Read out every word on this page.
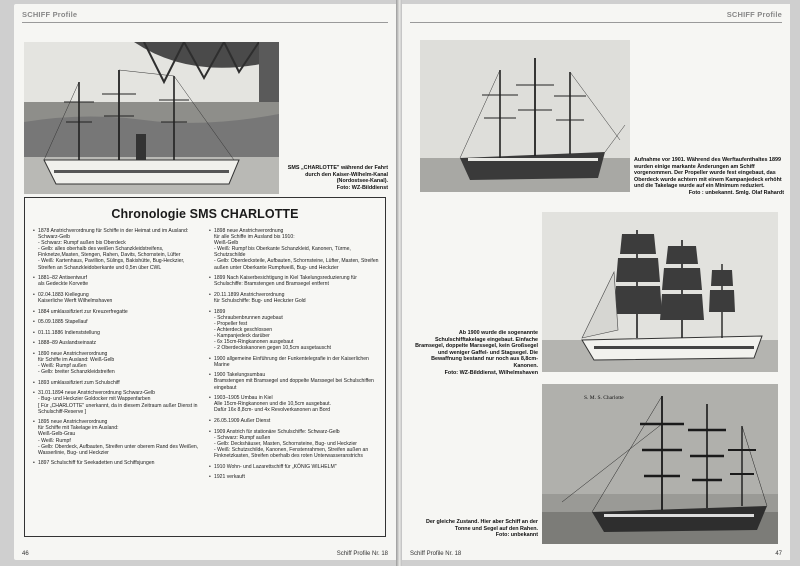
SCHIFF Profile
SMS „CHARLOTTE" während der Fahrt durch den Kaiser-Wilhelm-Kanal (Nordostsee-Kanal).
Foto: WZ-Bilddienst
Chronologie SMS CHARLOTTE
• 1878 Anstrichverordnung für Schiffe in der Heimat und im Ausland:
Schwarz-Gelb
- Schwarz: Rumpf außen bis Oberdeck
- Gelb: alles oberhalb des weißen Schanzkleidstreifens, Finknetze,Masten, Stengen, Rahen, Davits, Schornstein, Lüfter
- Weiß: Kartenhaus, Pavillion, Sülings, Bakishütte, Bug-Heckzier, Streifen an Schanzkleidoberkante und 0,5m über CWL
• 1881–82 Antisentwurf
als Gedeckte Korvette
• 02.04.1883 Kiellegung
Kaiserliche Werft Wilhelmshaven
• 1884 umklassifiziert zur Kreuzerfregatte
• 05.09.1885 Stapellauf
• 01.11.1886 Indienststellung
• 1888–89 Auslandseinsatz
• 1890 neue Anstrichverordnung
für Schiffe im Ausland: Weiß-Gelb
- Weiß: Rumpf außen
- Gelb: breiter Schanzkleidstreifen
• 1893 umklassifiziert zum Schulschiff
• 31.01.1894 neue Anstrichverordnung Schwarz-Gelb
- Bug- und Heckzier Goldocker mit Wappenfarben
[ Für „CHARLOTTE" unerkannt, da in diesem Zeitraum außer Dienst in Schulschiff-Reserve ]
• 1895 neue Anstrichverordnung
für Schiffe mit Takelage im Ausland:
Weiß-Gelb-Grau
- Weiß: Rumpf
- Gelb: Oberdeck, Aufbauten, Streifen unter oberem Rand des Weißen, Wasserlinie, Bug- und Heckzier
• 1897 Schulschiff für Seekadetten und Schiffsjungen
• 1898 neue Anstrichverordnung
für alle Schiffe im Ausland bis 1910:
Weiß-Gelb
- Weiß: Rumpf bis Oberkante Schanzkleid, Kanonen, Türme, Schutzschilde
- Gelb: Oberdecksteile, Aufbauten, Schornsteine, Lüfter, Masten, Streifen außen unter Oberkante Rumpfweiß, Bug- und Heckzier
• 1899 Nach Kaiserbesichtigung in Kiel Takelungsreduzierung für Schulschiffe: Bramstengen und Bramsegel entfernt
• 20.11.1899 Anstrichverordnung
für Schulschiffe: Bug- und Heckzier Gold
• 1899
- Schraubenbrunnen zugebaut
- Propeller fest
- Achterdeck geschlossen
- Kampanjedeck darüber
- 6x 15cm-Ringkanonen ausgebaut
- 2 Oberdeckskanonen gegen 10,5cm ausgetauscht
• 1900 allgemeine Einführung der Funkentelegrafie in der Kaiserlichen Marine
• 1900 Takelungsumbau
Bramstengen mit Bramsegel und doppelte Marssegel bei Schulschiffen eingebaut
• 1903–1905 Umbau in Kiel
Alle 15cm-Ringkanonen und die 10,5cm ausgebaut.
Dafür 16x 8,8cm- und 4x Revolverkanonen an Bord
• 26.05.1909 Außer Dienst
• 1909 Anstrich für stationäre Schulschiffe: Schwarz-Gelb
- Schwarz: Rumpf außen
- Gelb: Deckshäuser, Masten, Schornsteine, Bug- und Heckzier
- Weiß: Schutzschilde, Kanonen, Fenstenrahmen, Streifen außen an Finknetzkasten, Streifen oberhalb des roten Unterwasseranstrichs
• 1910 Wohn- und Lazarettschiff für „KÖNIG WILHELM"
• 1921 verkauft
46	Schiff Profile Nr. 18
SCHIFF Profile
Aufnahme vor 1901. Während des Werftaufenthaltes 1899 wurden einige markante Änderungen am Schiff vorgenommen. Der Propeller wurde fest eingebaut, das Oberdeck wurde achtern mit einem Kampanjedeck erhöht und die Takelage wurde auf ein Minimum reduziert.
Foto : unbekannt. Smlg. Olaf Rahardt
Ab 1900 wurde die sogenannte Schulschifftakelage eingebaut. Einfache Bramsegel, doppelte Marssegel, kein Großsegel und weniger Gaffel- und Stagsegel. Die Bewaffnung bestand nur noch aus 8,8cm-Kanonen.
Foto: WZ-Bilddienst, Wilhelmshaven
S. M. S. Charlotte
Der gleiche Zustand. Hier aber Schiff an der Tonne und Segel auf den Rahen.
Foto: unbekannt
Schiff Profile Nr. 18	47
